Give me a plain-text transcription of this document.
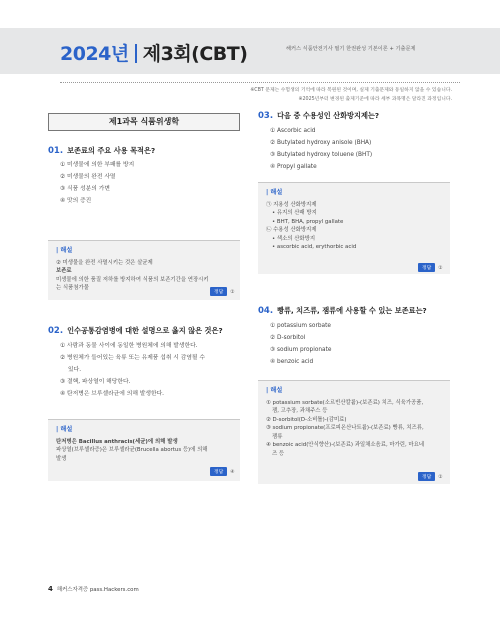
2024년 제3회(CBT)	해커스 식품안전기사 필기 한권완성 기본이론 + 기출문제
※CBT 문제는 수험생의 기억에 따라 복원된 것이며, 실제 기출문제와 동일하지 않을 수 있습니다.
※2025년부터 변경된 출제기준에 따라 세부 과목명은 달라진 과정입니다.
제1과목 식품위생학
01. 보존료의 주요 사용 목적은?
① 미생물에 의한 부패를 방지
② 미생물의 완전 사멸
③ 식품 성분의 가변
④ 맛의 증진
| 해설
② 미생물을 완전 사멸시키는 것은 살균제
보존료
미생물에 의한 품질 저하를 방지하여 식품의 보존기간을 연장시키
는 식품첨가물
정답 ①
02. 인수공통감염병에 대한 설명으로 옳지 않은 것은?
① 사람과 동물 사이에 동일한 병원체에 의해 발생한다.
② 병원체가 들어있는 육류 또는 유제품 섭취 시 감염될 수
있다.
③ 결핵, 파상열이 해당한다.
④ 탄저병은 브루셀라균에 의해 발생한다.
| 해설
탄저병은 Bacillus anthracis(세균)에 의해 발생
파상열(브루셀라증)은 브루셀라균(Brucella abortus 등)에 의해
발생
정답 ④
03. 다음 중 수용성인 산화방지제는?
① Ascorbic acid
② Butylated hydroxy anisole (BHA)
③ Butylated hydroxy toluene (BHT)
④ Propyl gallate
| 해설
㉠ 지용성 산화방지제
• 유지의 산패 방지
• BHT, BHA, propyl gallate
㉡ 수용성 산화방지제
• 색소의 산화방지
• ascorbic acid, erythorbic acid
정답 ①
04. 빵류, 치즈류, 잼류에 사용할 수 있는 보존료는?
① potassium sorbate
② D-sorbitol
③ sodium propionate
④ benzoic acid
| 해설
① potassium sorbate(소르빈산칼륨)-(보존료) 치즈, 식육가공품,
잼, 고추장, 과채주스 등
② D-sorbitol(D-소비톨)-(감미료)
③ sodium propionate(프로피온산나트륨)-(보존료) 빵류, 치즈류,
잼류
④ benzoic acid(안식향산)-(보존료) 과일채소음료, 마가린, 마요네
즈 등
정답 ①
4 해커스자격증 pass.Hackers.com
